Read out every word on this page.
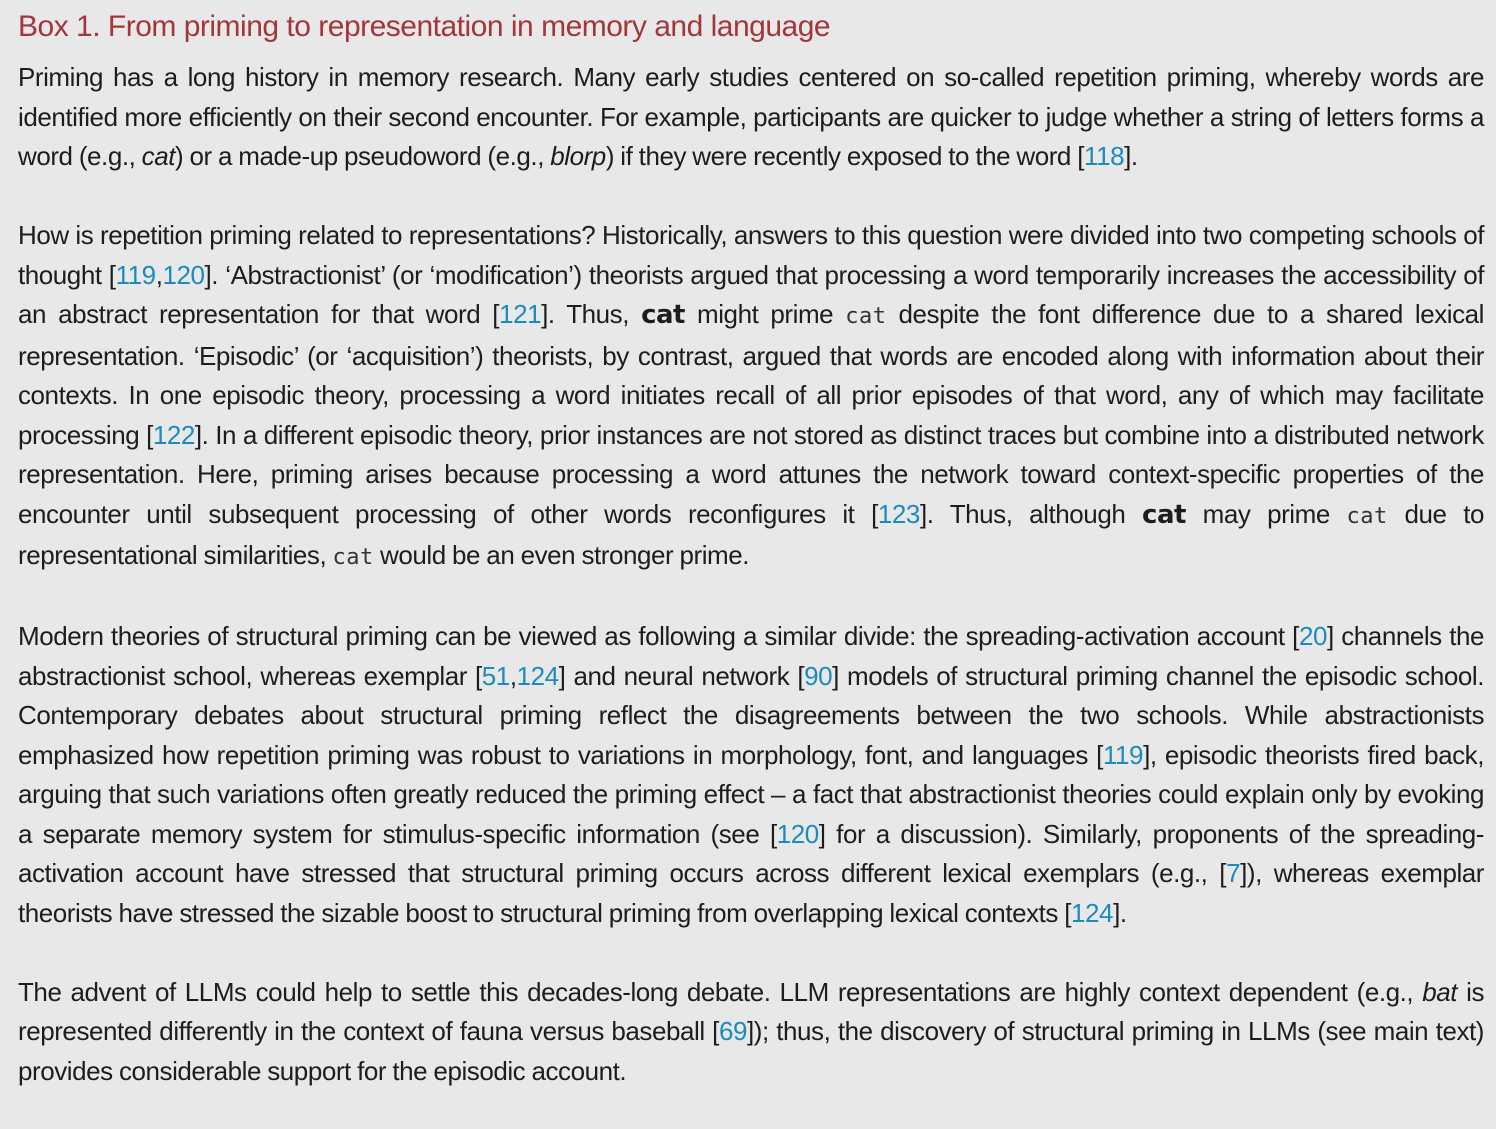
Box 1. From priming to representation in memory and language

Priming has a long history in memory research. Many early studies centered on so-called repetition priming, whereby words are identified more efficiently on their second encounter. For example, participants are quicker to judge whether a string of letters forms a word (e.g., cat) or a made-up pseudoword (e.g., blorp) if they were recently exposed to the word [118].

How is repetition priming related to representations? Historically, answers to this question were divided into two competing schools of thought [119,120]. ‘Abstractionist’ (or ‘modification’) theorists argued that processing a word temporarily increases the accessibility of an abstract representation for that word [121]. Thus, cat might prime cat despite the font difference due to a shared lexical representation. ‘Episodic’ (or ‘acquisition’) theorists, by contrast, argued that words are encoded along with information about their contexts. In one episodic theory, processing a word initiates recall of all prior episodes of that word, any of which may facilitate processing [122]. In a different episodic theory, prior instances are not stored as distinct traces but combine into a distributed network representation. Here, priming arises because processing a word attunes the network toward context-specific properties of the encounter until subsequent processing of other words reconfigures it [123]. Thus, although cat may prime cat due to representational similarities, cat would be an even stronger prime.

Modern theories of structural priming can be viewed as following a similar divide: the spreading-activation account [20] channels the abstractionist school, whereas exemplar [51,124] and neural network [90] models of structural priming channel the episodic school. Contemporary debates about structural priming reflect the disagreements between the two schools. While abstractionists emphasized how repetition priming was robust to variations in morphology, font, and languages [119], episodic theorists fired back, arguing that such variations often greatly reduced the priming effect – a fact that abstractionist theories could explain only by evoking a separate memory system for stimulus-specific information (see [120] for a discussion). Similarly, proponents of the spreading-activation account have stressed that structural priming occurs across different lexical exemplars (e.g., [7]), whereas exemplar theorists have stressed the sizable boost to structural priming from overlapping lexical contexts [124].

The advent of LLMs could help to settle this decades-long debate. LLM representations are highly context dependent (e.g., bat is represented differently in the context of fauna versus baseball [69]); thus, the discovery of structural priming in LLMs (see main text) provides considerable support for the episodic account.
